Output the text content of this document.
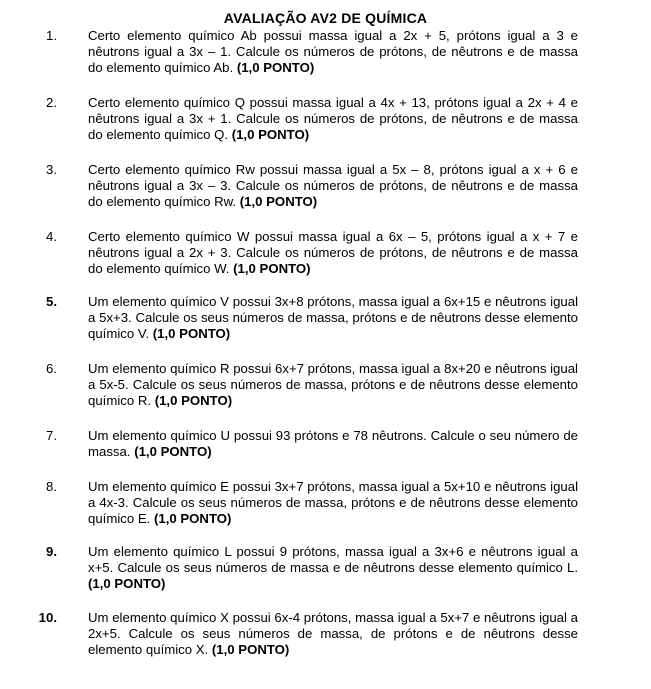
AVALIAÇÃO AV2 DE QUÍMICA
1.	Certo elemento químico Ab possui massa igual a 2x + 5, prótons igual a 3 e nêutrons igual a 3x – 1. Calcule os números de prótons, de nêutrons e de massa do elemento químico Ab. (1,0 PONTO)
2.	Certo elemento químico Q possui massa igual a 4x + 13, prótons igual a 2x + 4 e nêutrons igual a 3x + 1. Calcule os números de prótons, de nêutrons e de massa do elemento químico Q. (1,0 PONTO)
3.	Certo elemento químico Rw possui massa igual a 5x – 8, prótons igual a x + 6 e nêutrons igual a 3x – 3. Calcule os números de prótons, de nêutrons e de massa do elemento químico Rw. (1,0 PONTO)
4.	Certo elemento químico W possui massa igual a 6x – 5, prótons igual a x + 7 e nêutrons igual a 2x + 3. Calcule os números de prótons, de nêutrons e de massa do elemento químico W. (1,0 PONTO)
5.	Um elemento químico V possui 3x+8 prótons, massa igual a 6x+15 e nêutrons igual a 5x+3. Calcule os seus números de massa, prótons e de nêutrons desse elemento químico V. (1,0 PONTO)
6.	Um elemento químico R possui 6x+7 prótons, massa igual a 8x+20 e nêutrons igual a 5x-5. Calcule os seus números de massa, prótons e de nêutrons desse elemento químico R. (1,0 PONTO)
7.	Um elemento químico U possui 93 prótons e 78 nêutrons. Calcule o seu número de massa. (1,0 PONTO)
8.	Um elemento químico E possui 3x+7 prótons, massa igual a 5x+10 e nêutrons igual a 4x-3. Calcule os seus números de massa, prótons e de nêutrons desse elemento químico E. (1,0 PONTO)
9.	Um elemento químico L possui 9 prótons, massa igual a 3x+6 e nêutrons igual a x+5. Calcule os seus números de massa e de nêutrons desse elemento químico L. (1,0 PONTO)
10.	Um elemento químico X possui 6x-4 prótons, massa igual a 5x+7 e nêutrons igual a 2x+5. Calcule os seus números de massa, de prótons e de nêutrons desse elemento químico X. (1,0 PONTO)
